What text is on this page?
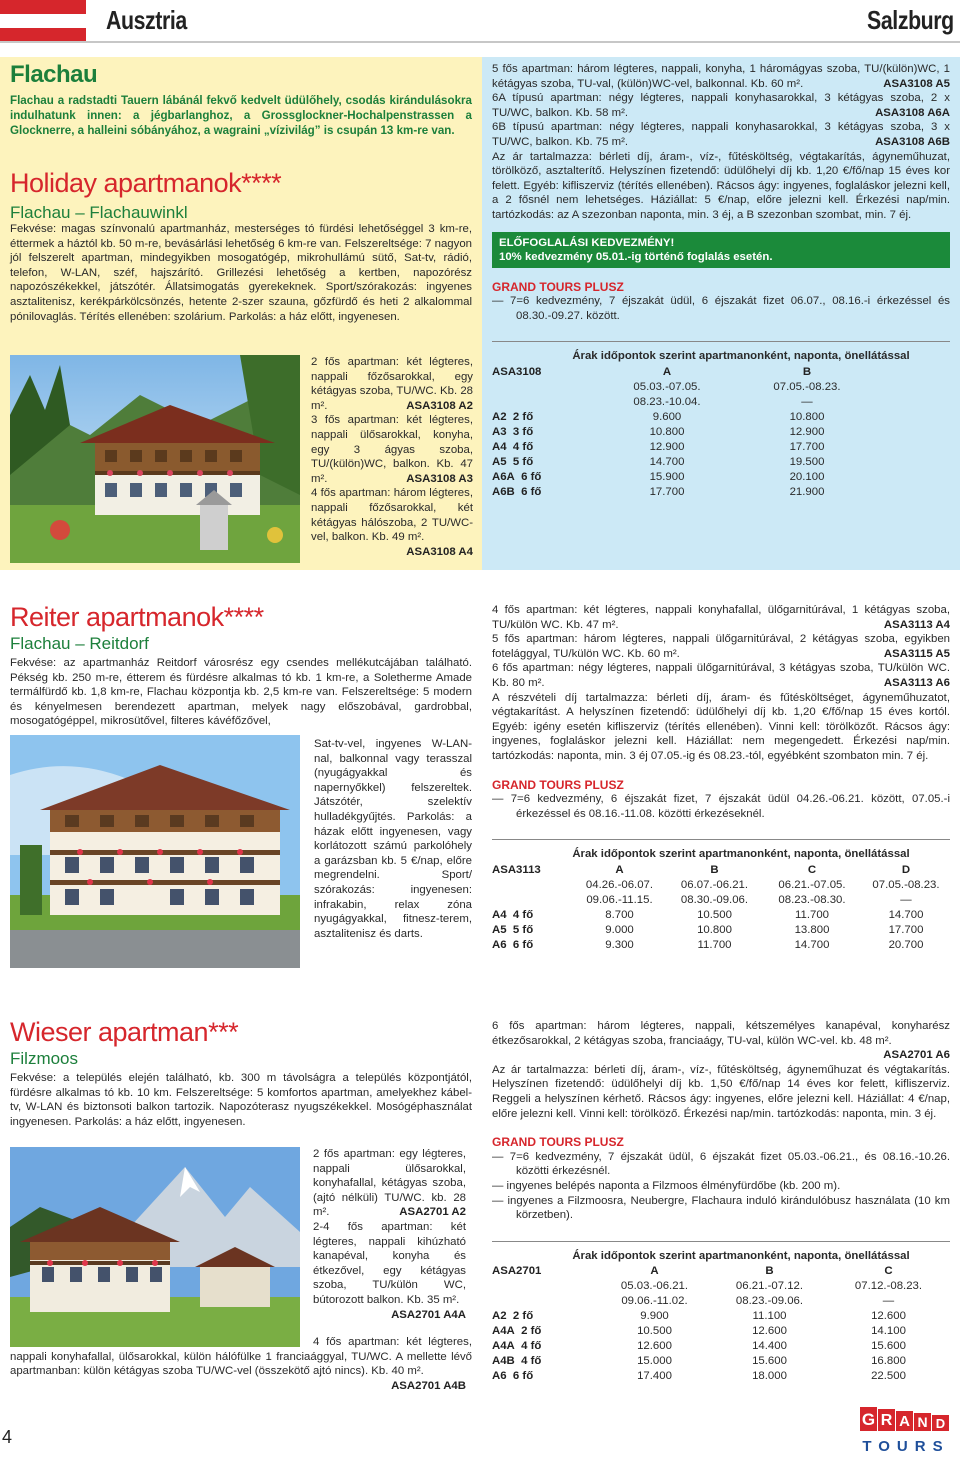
Ausztria	Salzburg
Flachau

Flachau a radstadti Tauern lábánál fekvő kedvelt üdülőhely, csodás kirándulásokra indulhatunk innen: a jégbarlanghoz, a Grossglockner-Hochalpenstrassen a Glocknerre, a halleini sóbányához, a wagraini „vízivilág” is csupán 13 km-re van.

Holiday apartmanok****
Flachau – Flachauwinkl

Fekvése: magas színvonalú apartmanház, mesterséges tó fürdési lehetőséggel 3 km-re, éttermek a háztól kb. 50 m-re, bevásárlási lehetőség 6 km-re van. Felszereltsége: 7 nagyon jól felszerelt apartman, mindegyikben mosogatógép, mikrohullámú sütő, Sat-tv, rádió, telefon, W-LAN, széf, hajszárító. Grillezési lehetőség a kertben, napozórész napozószékekkel, játszótér. Állatsimogatás gyerekeknek. Sport/szórakozás: ingyenes asztalitenisz, kerékpárkölcsönzés, hetente 2-szer szauna, gőzfürdő és heti 2 alkalommal pónilovaglás. Térítés ellenében: szolárium. Parkolás: a ház előtt, ingyenesen.

2 fős apartman: két légteres, nappali főzősarokkal, egy kétágyas szoba, TU/WC. Kb. 28 m².	ASA3108 A2

3 fős apartman: két légteres, nappali ülősarokkal, konyha, egy 3 ágyas szoba, TU/(külön)WC, balkon. Kb. 47 m².	ASA3108 A3

4 fős apartman: három légteres, nappali főzősarokkal, két kétágyas hálószoba, 2 TU/WC-vel, balkon. Kb. 49 m².
ASA3108 A4

5 fős apartman: három légteres, nappali, konyha, 1 háromágyas szoba, TU/(külön)WC, 1 kétágyas szoba, TU-val, (külön)WC-vel, balkonnal. Kb. 60 m².	ASA3108 A5

6A típusú apartman: négy légteres, nappali konyhasarokkal, 3 kétágyas szoba, 2 x TU/WC, balkon. Kb. 58 m².	ASA3108 A6A

6B típusú apartman: négy légteres, nappali konyhasarokkal, 3 kétágyas szoba, 3 x TU/WC, balkon. Kb. 75 m².	ASA3108 A6B

Az ár tartalmazza: bérleti díj, áram-, víz-, fűtésköltség, végtakarítás, ágyneműhuzat, törölköző, asztalterítő. Helyszínen fizetendő: üdülőhelyi díj kb. 1,20 €/fő/nap 15 éves kor felett. Egyéb: kifliszerviz (térítés ellenében). Rácsos ágy: ingyenes, foglaláskor jelezni kell, a 2 fősnél nem lehetséges. Háziállat: 5 €/nap, előre jelezni kell. Érkezési nap/min. tartózkodás: az A szezonban naponta, min. 3 éj, a B szezonban szombat, min. 7 éj.

ELŐFOGLALÁSI KEDVEZMÉNY!
10% kedvezmény 05.01.-ig történő foglalás esetén.
GRAND TOURS PLUSZ

— 7=6 kedvezmény, 7 éjszakát üdül, 6 éjszakát fizet 06.07., 08.16.-i érkezéssel és 08.30.-09.27. között.

Árak időpontok szerint apartmanonként, naponta, önellátással
ASA3108	A	B	
	05.03.-07.05.	07.05.-08.23.	
	08.23.-10.04.	—	
A2 2 fő	9.600	10.800	
A3 3 fő	10.800	12.900	
A4 4 fő	12.900	17.700	
A5 5 fő	14.700	19.500	
A6A 6 fő	15.900	20.100	
A6B 6 fő	17.700	21.900	
Reiter apartmanok****
Flachau – Reitdorf

Fekvése: az apartmanház Reitdorf városrész egy csendes mellékutcájában található. Pékség kb. 250 m-re, étterem és fürdésre alkalmas tó kb. 1 km-re, a Soletherme Amade termálfürdő kb. 1,8 km-re, Flachau központja kb. 2,5 km-re van. Felszereltsége: 5 modern és kényelmesen berendezett apartman, melyek nagy előszobával, gardrobbal, mosogatógéppel, mikrosütővel, filteres kávéfőzővel,

Sat-tv-vel, ingyenes W-LAN-nal, balkonnal vagy terasszal (nyugágyakkal és napernyőkkel) felszereltek. Játszótér, szelektív hulladékgyűjtés. Parkolás: a házak előtt ingyenesen, vagy korlátozott számú parkolóhely a garázsban kb. 5 €/nap, előre megrendelni. Sport/ szórakozás: ingyenesen: infrakabin, relax zóna nyugágyakkal, fitnesz-terem, asztalitenisz és darts.

4 fős apartman: két légteres, nappali konyhafallal, ülőgarnitúrával, 1 kétágyas szoba, TU/külön WC. Kb. 47 m².	ASA3113 A4

5 fős apartman: három légteres, nappali ülőgarnitúrával, 2 kétágyas szoba, egyikben fotelággyal, TU/külön WC. Kb. 60 m².	ASA3115 A5

6 fős apartman: négy légteres, nappali ülőgarnitúrával, 3 kétágyas szoba, TU/külön WC. Kb. 80 m².	ASA3113 A6

A részvételi díj tartalmazza: bérleti díj, áram- és fűtésköltséget, ágyneműhuzatot, végtakarítást. A helyszínen fizetendő: üdülőhelyi díj kb. 1,20 €/fő/nap 15 éves kortól. Egyéb: igény esetén kifliszerviz (térítés ellenében). Vinni kell: törölközőt. Rácsos ágy: ingyenes, foglaláskor jelezni kell. Háziállat: nem megengedett. Érkezési nap/min. tartózkodás: naponta, min. 3 éj 07.05.-ig és 08.23.-tól, egyébként szombaton min. 7 éj.

GRAND TOURS PLUSZ

— 7=6 kedvezmény, 6 éjszakát fizet, 7 éjszakát üdül 04.26.-06.21. között, 07.05.-i érkezéssel és 08.16.-11.08. közötti érkezéseknél.

Árak időpontok szerint apartmanonként, naponta, önellátással
ASA3113	A	B	C	D
	04.26.-06.07.	06.07.-06.21.	06.21.-07.05.	07.05.-08.23.
	09.06.-11.15.	08.30.-09.06.	08.23.-08.30.	—
A4 4 fő	8.700	10.500	11.700	14.700
A5 5 fő	9.000	10.800	13.800	17.700
A6 6 fő	9.300	11.700	14.700	20.700
Wieser apartman***
Filzmoos

Fekvése: a település elején található, kb. 300 m távolságra a település központjától, fürdésre alkalmas tó kb. 10 km. Felszereltsége: 5 komfortos apartman, amelyekhez kábel-tv, W-LAN és biztonsoti balkon tartozik. Napozóterasz nyugszékekkel. Mosógéphasználat ingyenesen. Parkolás: a ház előtt, ingyenesen.

2 fős apartman: egy légteres, nappali ülősarokkal, konyhafallal, kétágyas szoba, (ajtó nélküli) TU/WC. kb. 28 m².	ASA2701 A2

2-4 fős apartman: két légteres, nappali kihúzható kanapéval, konyha és étkezővel, egy kétágyas szoba, TU/külön WC, bútorozott balkon. Kb. 35 m².
ASA2701 A4A

4 fős apartman: két légteres, nappali konyhafallal, ülősarokkal, külön hálófülke 1 franciaággyal, TU/WC. A mellette lévő apartmanban: külön kétágyas szoba TU/WC-vel (összekötő ajtó nincs). Kb. 40 m².
ASA2701 A4B

6 fős apartman: három légteres, nappali, kétszemélyes kanapéval, konyharész étkezősarokkal, 2 kétágyas szoba, franciaágy, TU-val, külön WC-vel. kb. 48 m².
ASA2701 A6

Az ár tartalmazza: bérleti díj, áram-, víz-, fűtésköltség, ágyneműhuzat és végtakarítás. Helyszínen fizetendő: üdülőhelyi díj kb. 1,50 €/fő/nap 14 éves kor felett, kifliszerviz. Reggeli a helyszínen kérhető. Rácsos ágy: ingyenes, előre jelezni kell. Háziállat: 4 €/nap, előre jelezni kell. Vinni kell: törölköző. Érkezési nap/min. tartózkodás: naponta, min. 3 éj.

GRAND TOURS PLUSZ

— 7=6 kedvezmény, 7 éjszakát üdül, 6 éjszakát fizet 05.03.-06.21., és 08.16.-10.26. közötti érkezésnél.

— ingyenes belépés naponta a Filzmoos élményfürdőbe (kb. 200 m).

— ingyenes a Filzmoosra, Neubergre, Flachaura induló kirándulóbusz használata (10 km körzetben).

Árak időpontok szerint apartmanonként, naponta, önellátással
ASA2701	A	B	C
	05.03.-06.21.	06.21.-07.12.	07.12.-08.23.
	09.06.-11.02.	08.23.-09.06.	—
A2 2 fő	9.900	11.100	12.600
A4A 2 fő	10.500	12.600	14.100
A4A 4 fő	12.600	14.400	15.600
A4B 4 fő	15.000	15.600	16.800
A6 6 fő	17.400	18.000	22.500
4
G R A N D
TOURS
